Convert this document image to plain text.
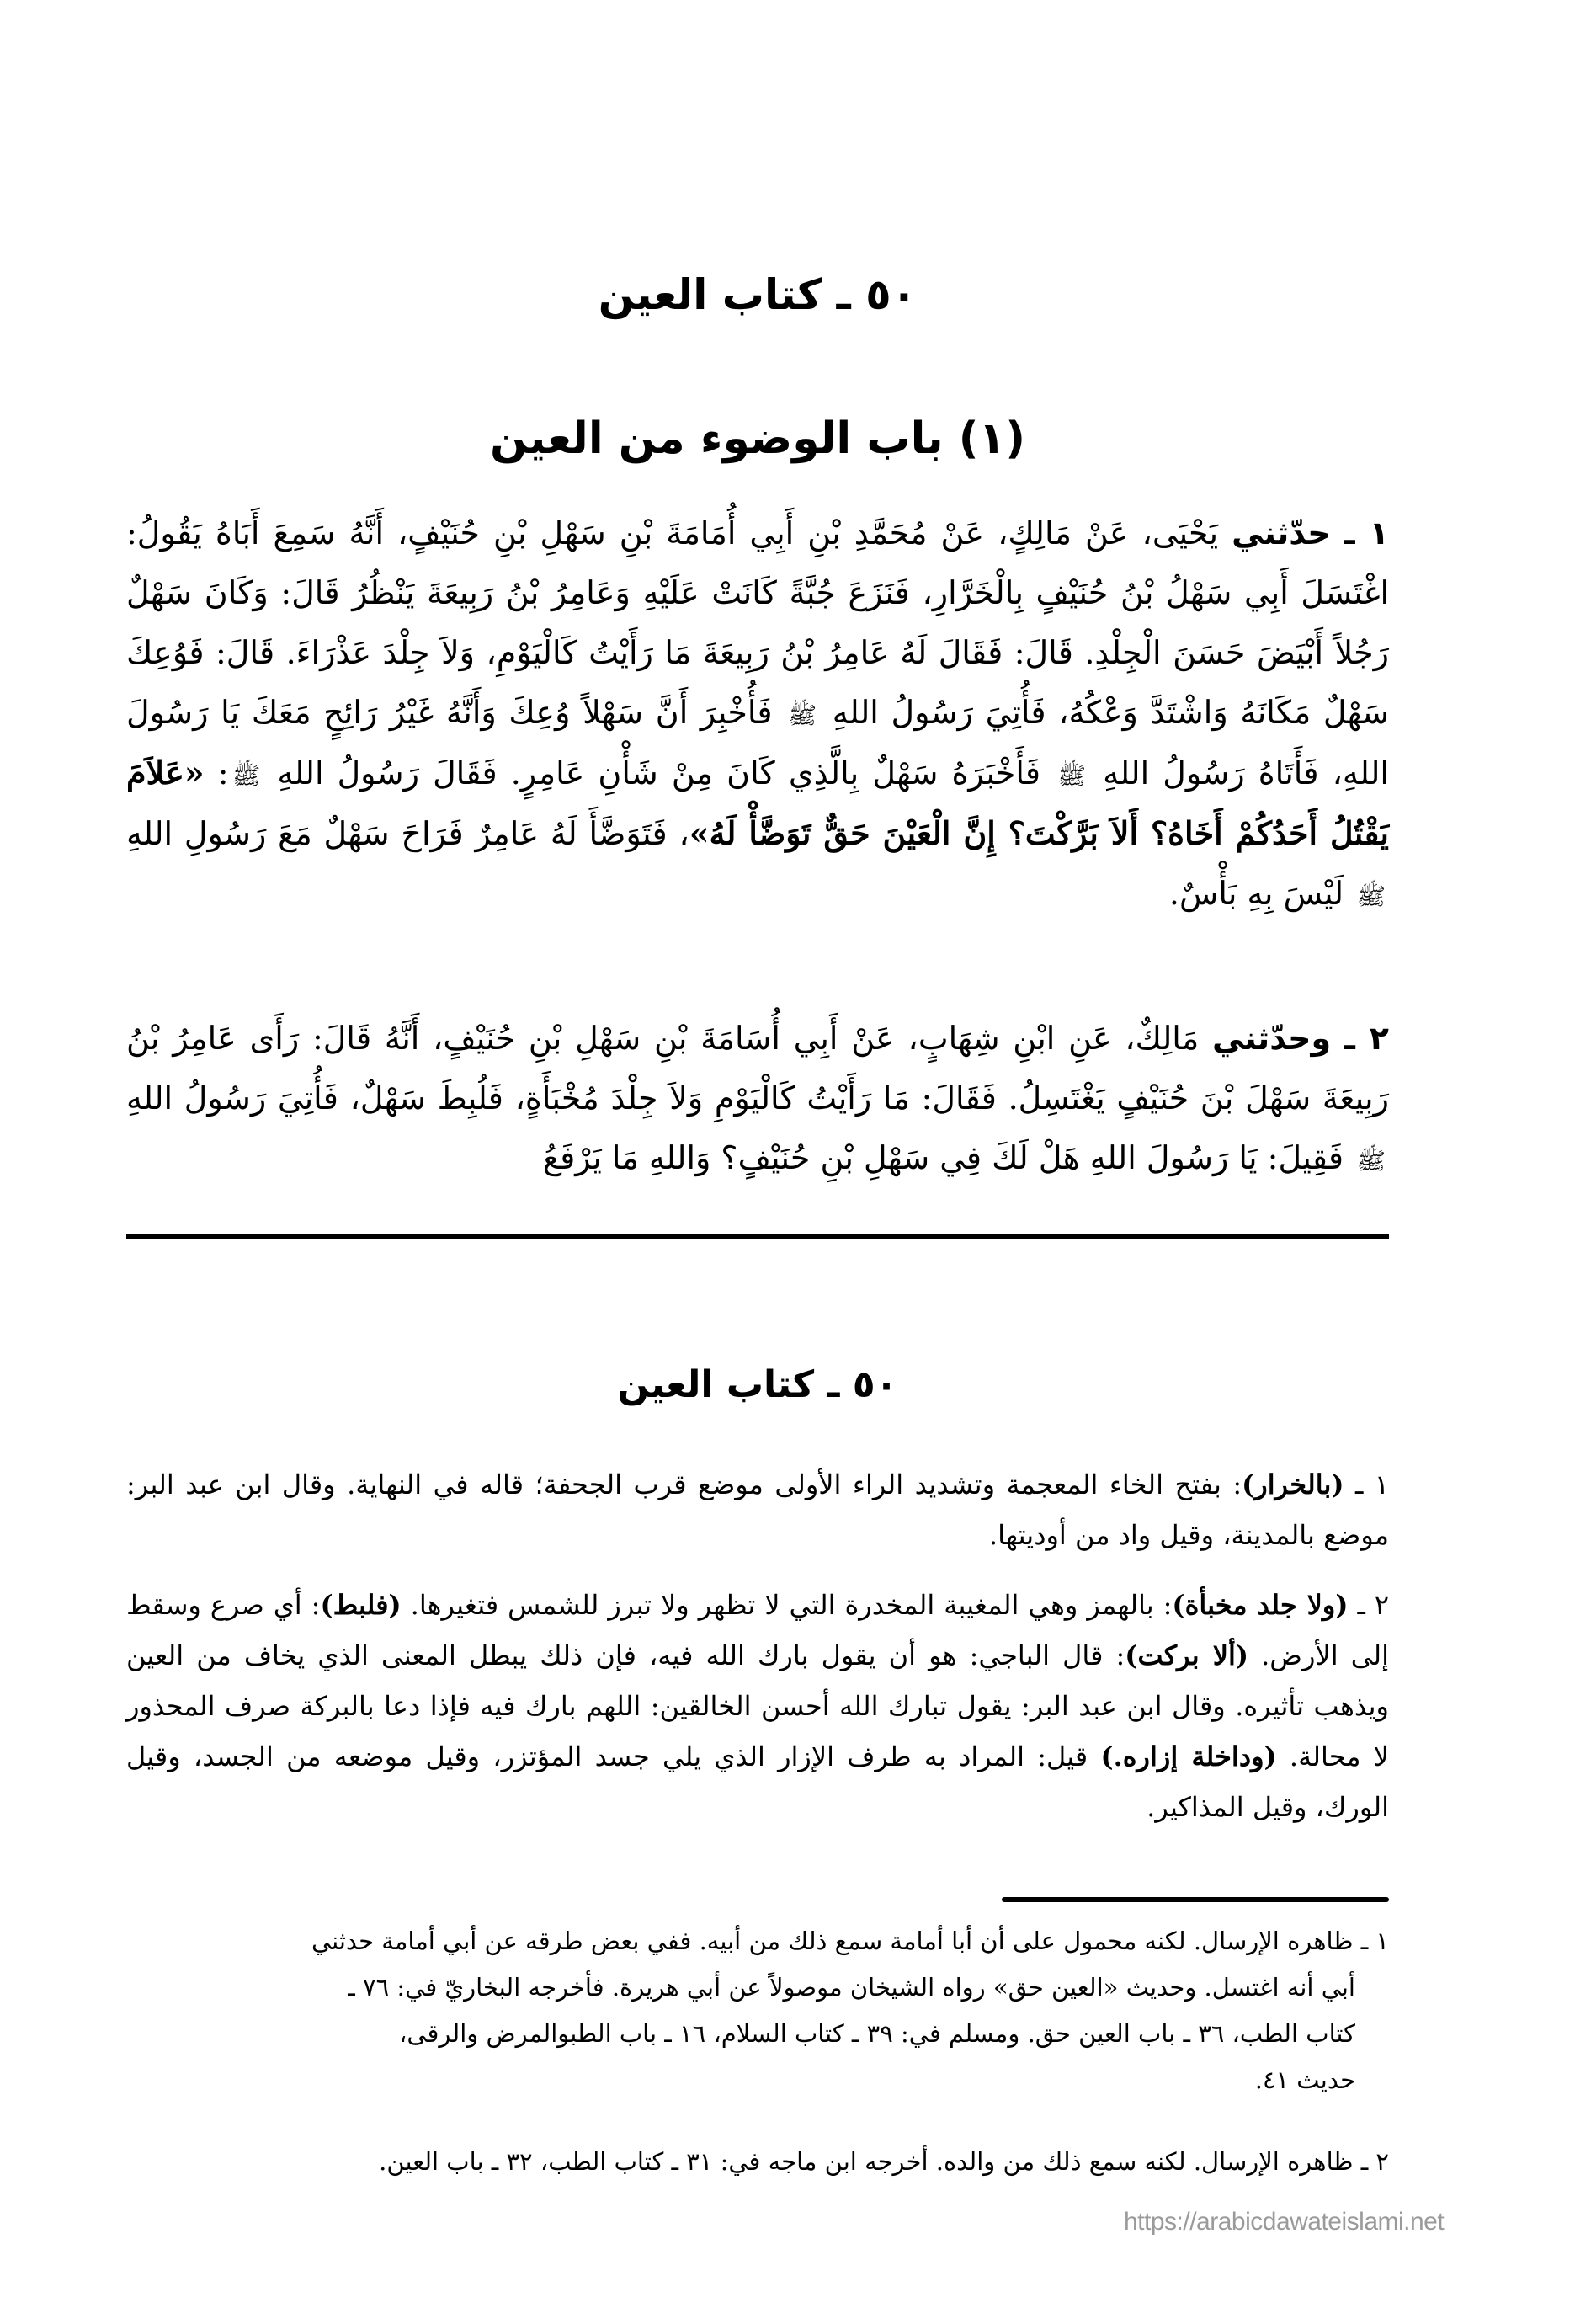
٥٠ ـ كتاب العين
(١) باب الوضوء من العين
١ ـ حدّثني يَحْيَى، عَنْ مَالِكٍ، عَنْ مُحَمَّدِ بْنِ أَبِي أُمَامَةَ بْنِ سَهْلِ بْنِ حُنَيْفٍ، أَنَّهُ سَمِعَ أَبَاهُ يَقُولُ: اغْتَسَلَ أَبِي سَهْلُ بْنُ حُنَيْفٍ بِالْخَرَّارِ، فَنَزَعَ جُبَّةً كَانَتْ عَلَيْهِ وَعَامِرُ بْنُ رَبِيعَةَ يَنْظُرُ قَالَ: وَكَانَ سَهْلٌ رَجُلاً أَبْيَضَ حَسَنَ الْجِلْدِ. قَالَ: فَقَالَ لَهُ عَامِرُ بْنُ رَبِيعَةَ مَا رَأَيْتُ كَالْيَوْمِ، وَلاَ جِلْدَ عَذْرَاءَ. قَالَ: فَوُعِكَ سَهْلٌ مَكَانَهُ وَاشْتَدَّ وَعْكُهُ، فَأُتِيَ رَسُولُ اللهِ ﷺ فَأُخْبِرَ أَنَّ سَهْلاً وُعِكَ وَأَنَّهُ غَيْرُ رَائِحٍ مَعَكَ يَا رَسُولَ اللهِ، فَأَتَاهُ رَسُولُ اللهِ ﷺ فَأَخْبَرَهُ سَهْلٌ بِالَّذِي كَانَ مِنْ شَأْنِ عَامِرٍ. فَقَالَ رَسُولُ اللهِ ﷺ: «عَلاَمَ يَقْتُلُ أَحَدُكُمْ أَخَاهُ؟ أَلاَ بَرَّكْتَ؟ إِنَّ الْعَيْنَ حَقٌّ تَوَضَّأْ لَهُ»، فَتَوَضَّأَ لَهُ عَامِرٌ فَرَاحَ سَهْلٌ مَعَ رَسُولِ اللهِ ﷺ لَيْسَ بِهِ بَأْسٌ.
٢ ـ وحدّثني مَالِكٌ، عَنِ ابْنِ شِهَابٍ، عَنْ أَبِي أُسَامَةَ بْنِ سَهْلِ بْنِ حُنَيْفٍ، أَنَّهُ قَالَ: رَأَى عَامِرُ بْنُ رَبِيعَةَ سَهْلَ بْنَ حُنَيْفٍ يَغْتَسِلُ. فَقَالَ: مَا رَأَيْتُ كَالْيَوْمِ وَلاَ جِلْدَ مُخْبَأَةٍ، فَلُبِطَ سَهْلٌ، فَأُتِيَ رَسُولُ اللهِ ﷺ فَقِيلَ: يَا رَسُولَ اللهِ هَلْ لَكَ فِي سَهْلِ بْنِ حُنَيْفٍ؟ وَاللهِ مَا يَرْفَعُ
٥٠ ـ كتاب العين
١ ـ (بالخرار): بفتح الخاء المعجمة وتشديد الراء الأولى موضع قرب الجحفة؛ قاله في النهاية. وقال ابن عبد البر: موضع بالمدينة، وقيل واد من أوديتها.
٢ ـ (ولا جلد مخبأة): بالهمز وهي المغيبة المخدرة التي لا تظهر ولا تبرز للشمس فتغيرها. (فلبط): أي صرع وسقط إلى الأرض. (ألا بركت): قال الباجي: هو أن يقول بارك الله فيه، فإن ذلك يبطل المعنى الذي يخاف من العين ويذهب تأثيره. وقال ابن عبد البر: يقول تبارك الله أحسن الخالقين: اللهم بارك فيه فإذا دعا بالبركة صرف المحذور لا محالة. (وداخلة إزاره.) قيل: المراد به طرف الإزار الذي يلي جسد المؤتزر، وقيل موضعه من الجسد، وقيل الورك، وقيل المذاكير.
١ ـ ظاهره الإرسال. لكنه محمول على أن أبا أمامة سمع ذلك من أبيه. ففي بعض طرقه عن أبي أمامة حدثني
أبي أنه اغتسل. وحديث «العين حق» رواه الشيخان موصولاً عن أبي هريرة. فأخرجه البخاريّ في: ٧٦ ـ
كتاب الطب، ٣٦ ـ باب العين حق. ومسلم في: ٣٩ ـ كتاب السلام، ١٦ ـ باب الطبوالمرض والرقى،
حديث ٤١.
٢ ـ ظاهره الإرسال. لكنه سمع ذلك من والده. أخرجه ابن ماجه في: ٣١ ـ كتاب الطب، ٣٢ ـ باب العين.
https://arabicdawateislami.net
